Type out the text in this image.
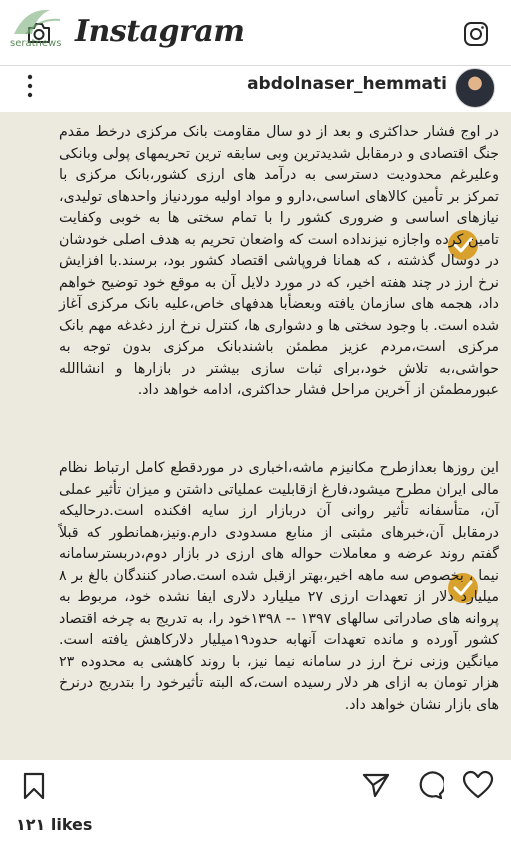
seratnews Instagram
abdolnaser_hemmati
در اوج فشار حداکثری و بعد از دو سال مقاومت بانک مرکزی درخط مقدم جنگ اقتصادی و درمقابل شدیدترین وبی سابقه ترین تحریمهای پولی وبانکی وعلیرغم محدودیت دسترسی به درآمد های ارزی کشور،بانک مرکزی با تمرکز بر تأمین کالاهای اساسی،دارو و مواد اولیه موردنیاز واحدهای تولیدی، نیازهای اساسی و ضروری کشور را با تمام سختی ها به خوبی وکفایت تامین کرده واجازه نیزنداده است که واضعان تحریم به هدف اصلی خودشان در دوسال گذشته ، که همانا فروپاشی اقتصاد کشور بود، برسند.با افزایش نرخ ارز در چند هفته اخیر، که در مورد دلایل آن به موقع خود توضیح خواهم داد، هجمه های سازمان یافته وبعضأبا هدفهای خاص،علیه بانک مرکزی آغاز شده است. با وجود سختی ها و دشواری ها، کنترل نرخ ارز دغدغه مهم بانک مرکزی است،مردم عزیز مطمئن باشندبانک مرکزی بدون توجه به حواشی،به تلاش خود،برای ثبات سازی بیشتر در بازارها و انشاالله عبورمطمئن از آخرین مراحل فشار حداکثری، ادامه خواهد داد.
این روزها بعدازطرح مکانیزم ماشه،اخباری در موردقطع کامل ارتباط نظام مالی ایران مطرح میشود،فارغ ازقابلیت عملیاتی داشتن و میزان تأثیر عملی آن، متأسفانه تأثیر روانی آن دربازار ارز سایه افکنده است.درحالیکه درمقابل آن،خبرهای مثبتی از منابع مسدودی دارم.ونیز،همانطور که قبلاً گفتم روند عرضه و معاملات حواله های ارزی در بازار دوم،دربسترسامانه نیما ، بخصوص سه ماهه اخیر،بهتر ازقبل شده است.صادر کنندگان بالغ بر ۸ میلیارد دلار از تعهدات ارزی ۲۷ میلیارد دلاری ایفا نشده خود، مربوط به پروانه های صادراتی سالهای ۱۳۹۷ -- ۱۳۹۸خود را، به تدریج به چرخه اقتصاد کشور آورده و مانده تعهدات آنهابه حدود۱۹میلیار دلارکاهش یافته است. میانگین وزنی نرخ ارز در سامانه نیما نیز، با روند کاهشی به محدوده ۲۳ هزار تومان به ازای هر دلار رسیده است،که البته تأثیرخود را بتدریج درنرخ های بازار نشان خواهد داد.
۱۲۱ likes
